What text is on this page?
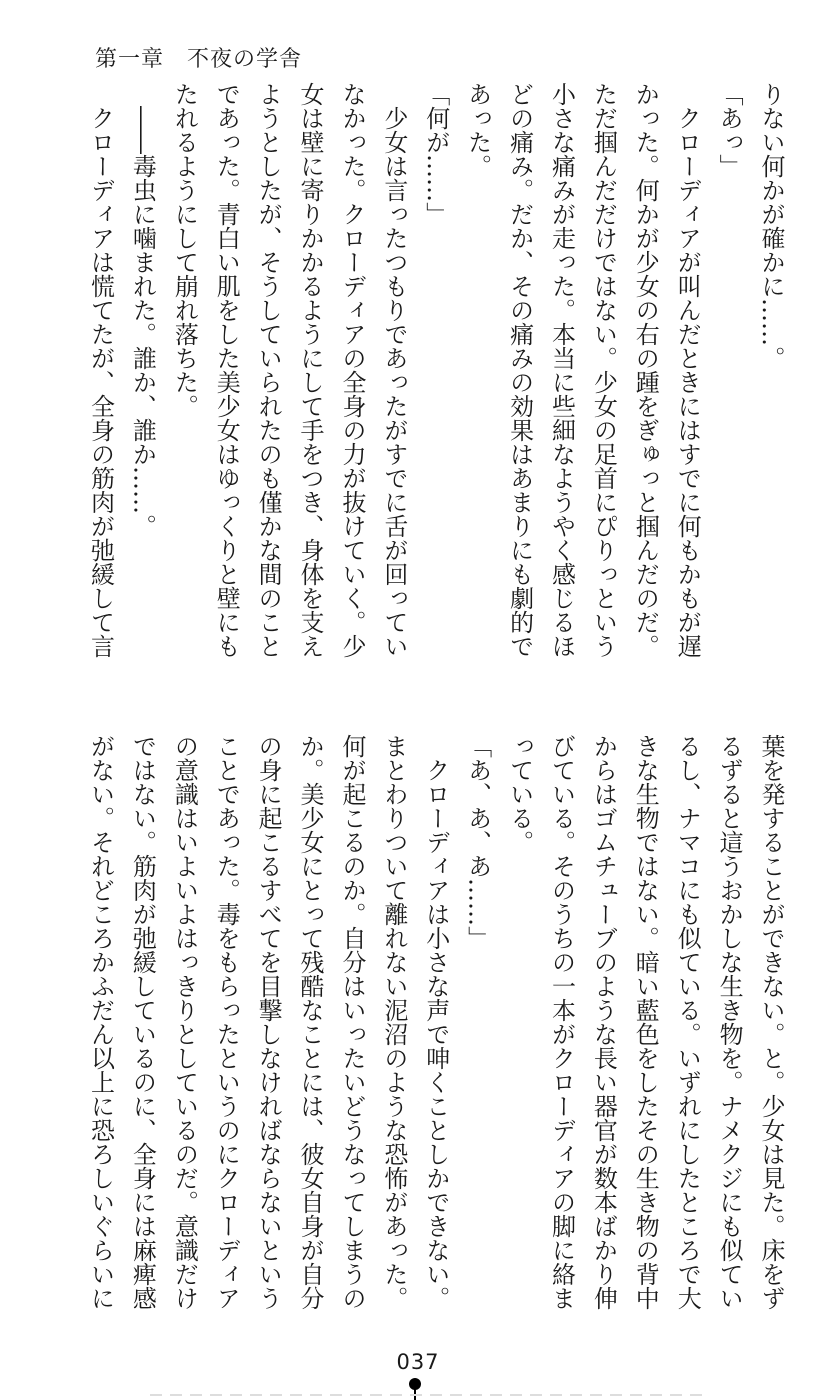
第一章　不夜の学舎
りない何かが確かに……。
「あっ」
　クローディアが叫んだときにはすでに何もかもが遅
かった。何かが少女の右の踵をぎゅっと掴んだのだ。
ただ掴んだだけではない。少女の足首にぴりっという
小さな痛みが走った。本当に些細なようやく感じるほ
どの痛み。だか、その痛みの効果はあまりにも劇的で
あった。
「何が……」
　少女は言ったつもりであったがすでに舌が回ってい
なかった。クローディアの全身の力が抜けていく。少
女は壁に寄りかかるようにして手をつき、身体を支え
ようとしたが、そうしていられたのも僅かな間のこと
であった。青白い肌をした美少女はゆっくりと壁にも
たれるようにして崩れ落ちた。
　――毒虫に噛まれた。誰か、誰か……。
　クローディアは慌てたが、全身の筋肉が弛緩して言
葉を発することができない。と。少女は見た。床をず
るずると這うおかしな生き物を。ナメクジにも似てい
るし、ナマコにも似ている。いずれにしたところで大
きな生物ではない。暗い藍色をしたその生き物の背中
からはゴムチューブのような長い器官が数本ばかり伸
びている。そのうちの一本がクローディアの脚に絡ま
っている。
「あ、あ、あ……」
　クローディアは小さな声で呻くことしかできない。
まとわりついて離れない泥沼のような恐怖があった。
何が起こるのか。自分はいったいどうなってしまうの
か。美少女にとって残酷なことには、彼女自身が自分
の身に起こるすべてを目撃しなければならないという
ことであった。毒をもらったというのにクローディア
の意識はいよいよはっきりとしているのだ。意識だけ
ではない。筋肉が弛緩しているのに、全身には麻痺感
がない。それどころかふだん以上に恐ろしいぐらいに
037
